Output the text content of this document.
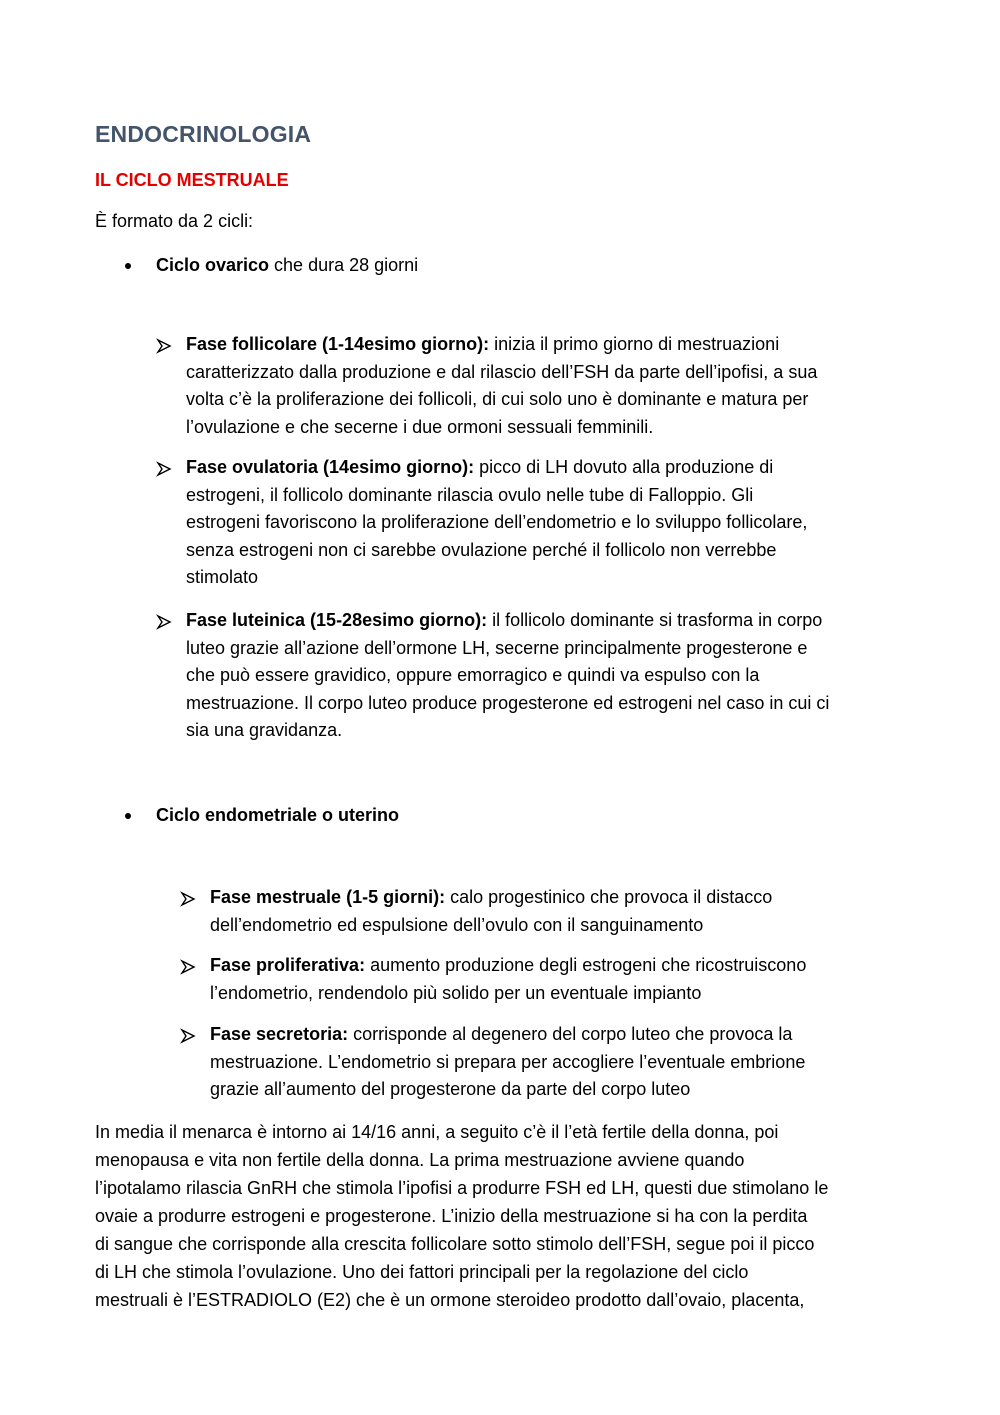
ENDOCRINOLOGIA
IL CICLO MESTRUALE
È formato da 2 cicli:
Ciclo ovarico che dura 28 giorni
Fase follicolare (1-14esimo giorno): inizia il primo giorno di mestruazioni
caratterizzato dalla produzione e dal rilascio dell’FSH da parte dell’ipofisi, a sua
volta c’è la proliferazione dei follicoli, di cui solo uno è dominante e matura per
l’ovulazione e che secerne i due ormoni sessuali femminili.
Fase ovulatoria (14esimo giorno): picco di LH dovuto alla produzione di
estrogeni, il follicolo dominante rilascia ovulo nelle tube di Falloppio. Gli
estrogeni favoriscono la proliferazione dell’endometrio e lo sviluppo follicolare,
senza estrogeni non ci sarebbe ovulazione perché il follicolo non verrebbe
stimolato
Fase luteinica (15-28esimo giorno): il follicolo dominante si trasforma in corpo
luteo grazie all’azione dell’ormone LH, secerne principalmente progesterone e
che può essere gravidico, oppure emorragico e quindi va espulso con la
mestruazione. Il corpo luteo produce progesterone ed estrogeni nel caso in cui ci
sia una gravidanza.
Ciclo endometriale o uterino
Fase mestruale (1-5 giorni): calo progestinico che provoca il distacco
dell’endometrio ed espulsione dell’ovulo con il sanguinamento
Fase proliferativa: aumento produzione degli estrogeni che ricostruiscono
l’endometrio, rendendolo più solido per un eventuale impianto
Fase secretoria: corrisponde al degenero del corpo luteo che provoca la
mestruazione. L’endometrio si prepara per accogliere l’eventuale embrione
grazie all’aumento del progesterone da parte del corpo luteo
In media il menarca è intorno ai 14/16 anni, a seguito c’è il l’età fertile della donna, poi
menopausa e vita non fertile della donna. La prima mestruazione avviene quando
l’ipotalamo rilascia GnRH che stimola l’ipofisi a produrre FSH ed LH, questi due stimolano le
ovaie a produrre estrogeni e progesterone. L’inizio della mestruazione si ha con la perdita
di sangue che corrisponde alla crescita follicolare sotto stimolo dell’FSH, segue poi il picco
di LH che stimola l’ovulazione. Uno dei fattori principali per la regolazione del ciclo
mestruali è l’ESTRADIOLO (E2) che è un ormone steroideo prodotto dall’ovaio, placenta,
